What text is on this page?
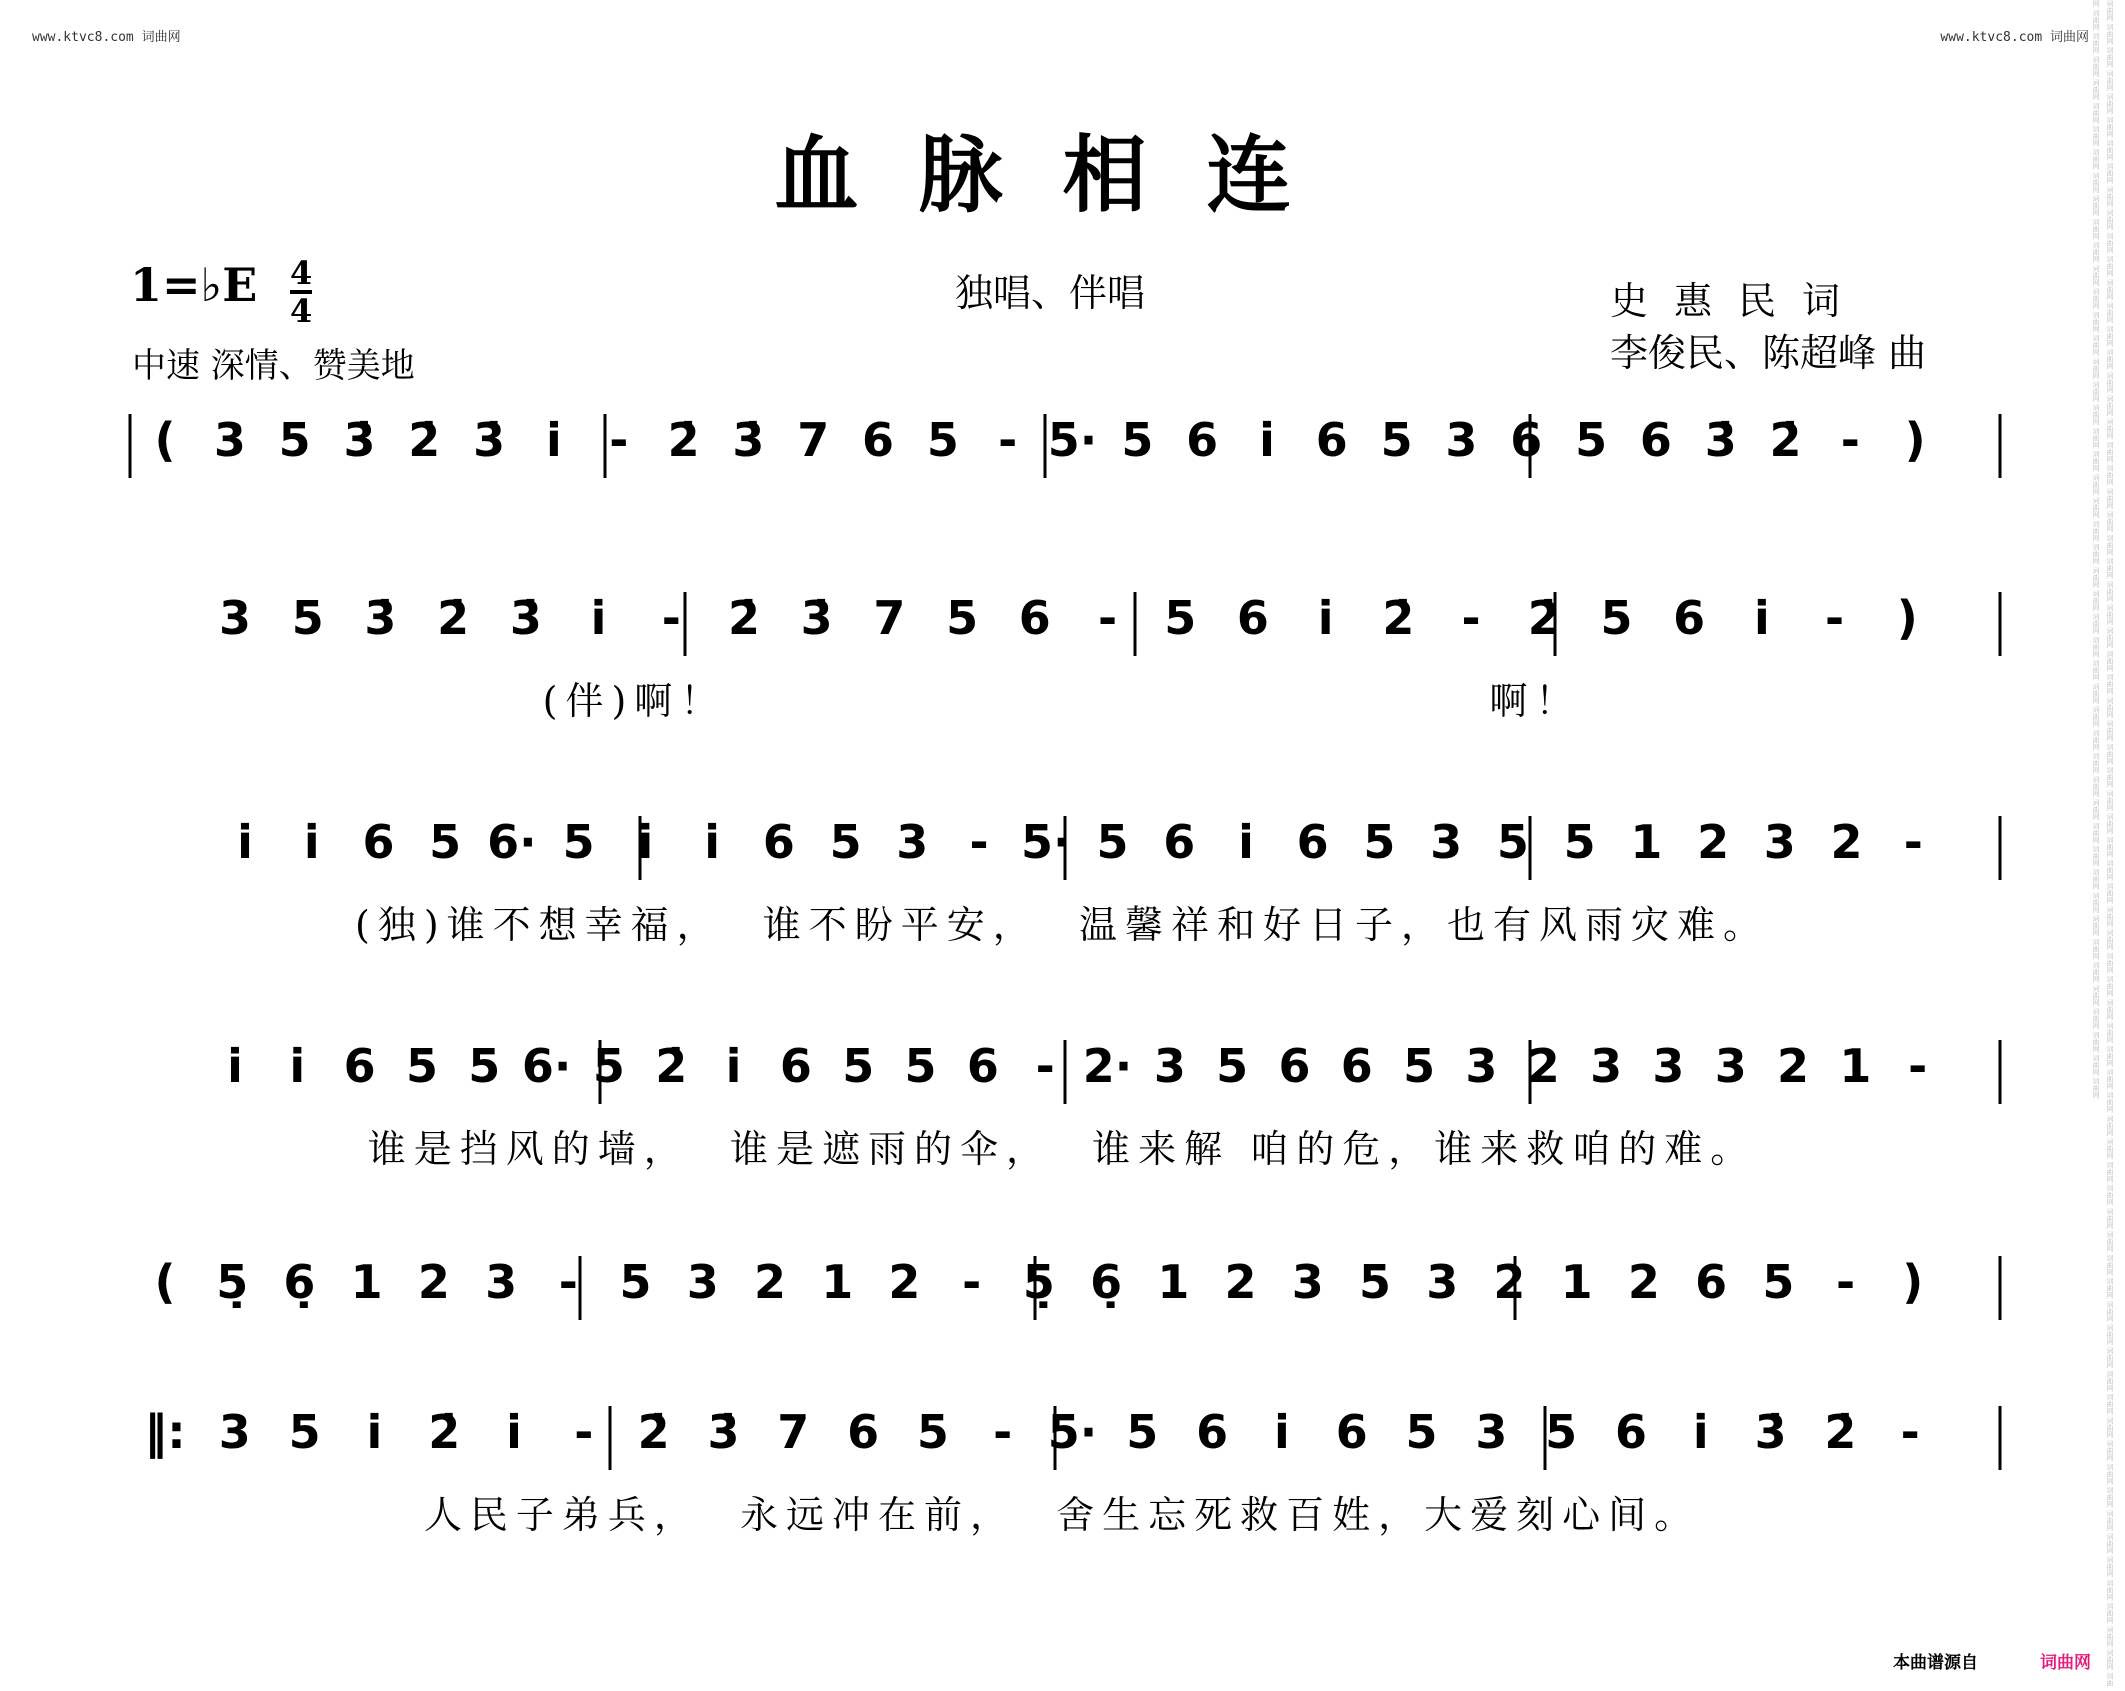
www.ktvc8.com 词曲网	www.ktvc8.com 词曲网	词曲网 词曲网 词曲网 词曲网 词曲网 词曲网 词曲网 词曲网 词曲网 词曲网 词曲网 词曲网 词曲网 词曲网 词曲网 词曲网 词曲网 词曲网 词曲网 词曲网 词曲网 词曲网 词曲网 词曲网 词曲网 词曲网 词曲网 词曲网 词曲网 词曲网 词曲网 词曲网 词曲网 词曲网 词曲网 词曲网 词曲网 词曲网 词曲网 词曲网 词曲网 词曲网 词曲网 词曲网 词曲网 词曲网 词曲网 词曲网 词曲网 词曲网 词曲网 词曲网 词曲网 词曲网 词曲网 词曲网 词曲网 词曲网 词曲网 词曲网 词曲网 词曲网 词曲网 词曲网 词曲网 词曲网 词曲网 词曲网 词曲网 词曲网 词曲网 词曲网 词曲网 词曲网 词曲网 词曲网 词曲网 词曲网 词曲网 词曲网 词曲网 词曲网 词曲网 词曲网 词曲网 词曲网 词曲网 词曲网 词曲网 词曲网 词曲网 词曲网 词曲网 词曲网 词曲网 词曲网 词曲网 词曲网 词曲网 词曲网 词曲网 词曲网 词曲网 词曲网 词曲网 词曲网 词曲网 词曲网 词曲网 词曲网 词曲网 词曲网 词曲网 词曲网 词曲网 词曲网 词曲网 词曲网 词曲网 词曲网
血脉相连
1=♭E $\frac{4}{4}$
中速 深情、赞美地
独唱、伴唱	史惠民词
李俊民、陈超峰 曲
( 3 5 3̇ 2̇ 3̇ i̇ - 2̇ 3̇ 7 6 5 - 5· 5 6 i̇ 6 5 3 6 5 6 3̇ 2̇ - )
3 5 3̇ 2̇ 3̇ i̇ - 2̇ 3̇ 7 5 6 - 5 6 i̇ 2̇ - 2̇ 5 6 i̇ - )
(伴)啊！                                      啊！
i̇ i̇ 6 5 6· 5 i̇ i̇ 6 5 3 - 5· 5 6 i̇ 6 5 3 5 5 1 2 3 2 -
(独)谁不想幸福，  谁不盼平安，  温馨祥和好日子，也有风雨灾难。
i̇ i̇ 6 5 5 6· 5 2̇ i̇ 6 5 5 6 - 2· 3 5 6 6 5 3 2 3 3 3 2 1 -
谁是挡风的墙，  谁是遮雨的伞，  谁来解 咱的危，谁来救咱的难。
( 5̣ 6̣ 1 2 3 - 5 3 2 1 2 - 5̣ 6̣ 1 2 3 5 3 2 1 2 6 5 - )
‖: 3 5 i̇ 2̇ i̇ - 2̇ 3̇ 7 6 5 - 5· 5 6 i̇ 6 5 3 5 6 i̇ 3̇ 2̇ -
人民子弟兵，  永远冲在前，  舍生忘死救百姓，大爱刻心间。
本曲谱源自	词曲网
